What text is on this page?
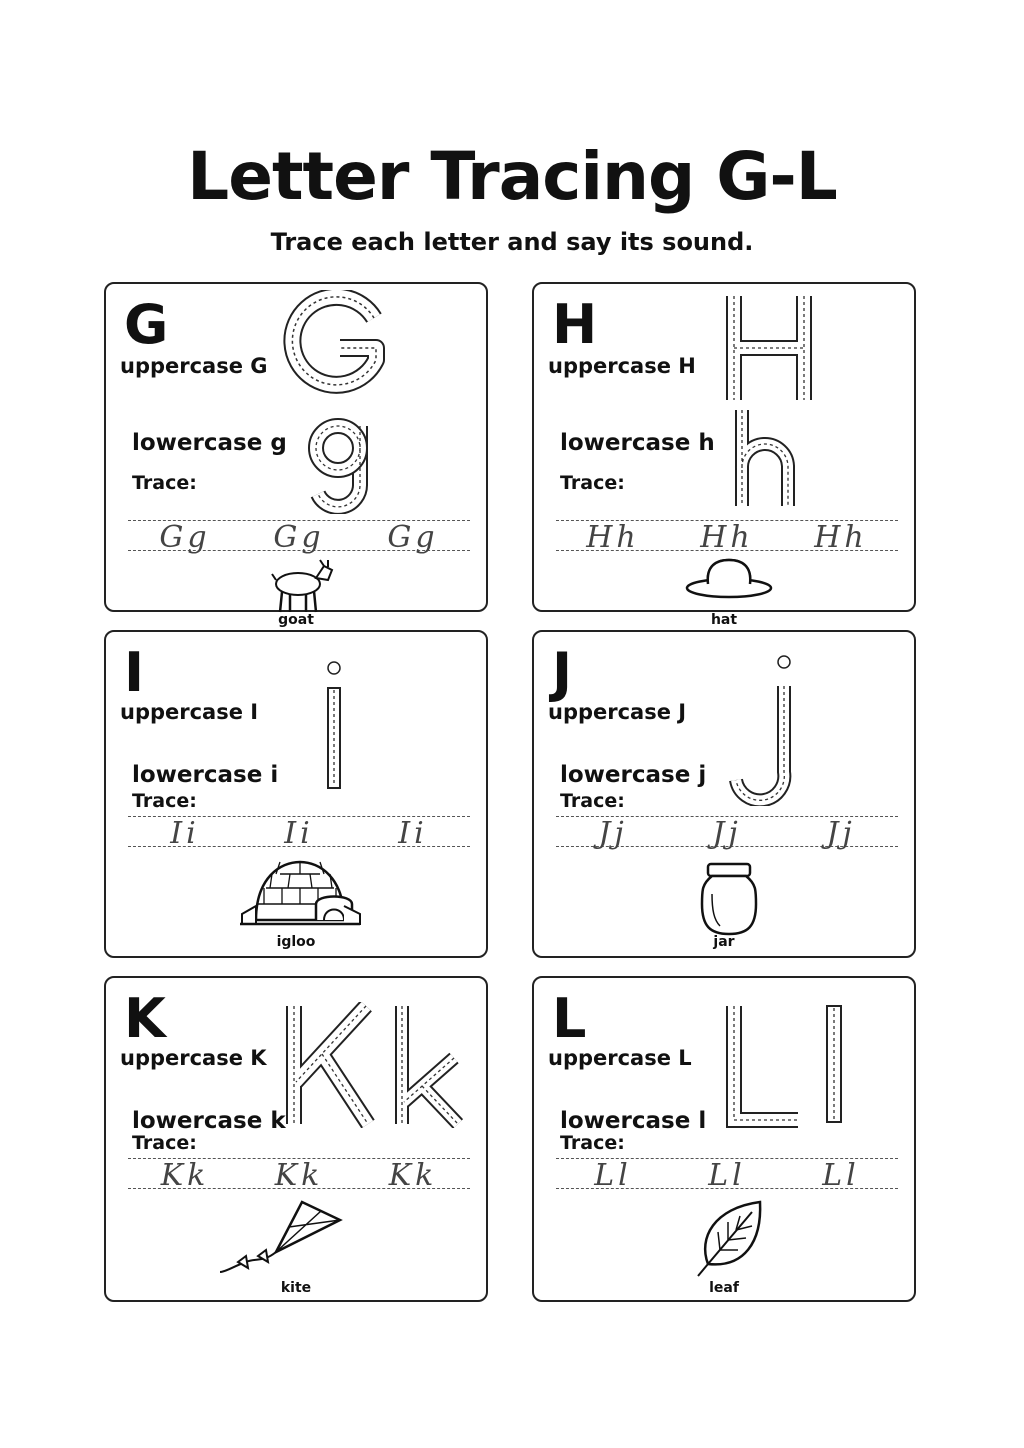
Letter Tracing G-L

Trace each letter and say its sound.

G
uppercase G
lowercase g
Trace:
Gg Gg Gg
goat
H
uppercase H
lowercase h
Trace:
Hh Hh Hh
hat
I
uppercase I
lowercase i
Trace:
Ii	Ii	Ii
igloo
J
uppercase J
lowercase j
Trace:
Jj	Jj	Jj
jar
K
uppercase K
lowercase k
Trace:
Kk Kk Kk
kite
L
uppercase L
lowercase l
Trace:
Ll	Ll	Ll
leaf
